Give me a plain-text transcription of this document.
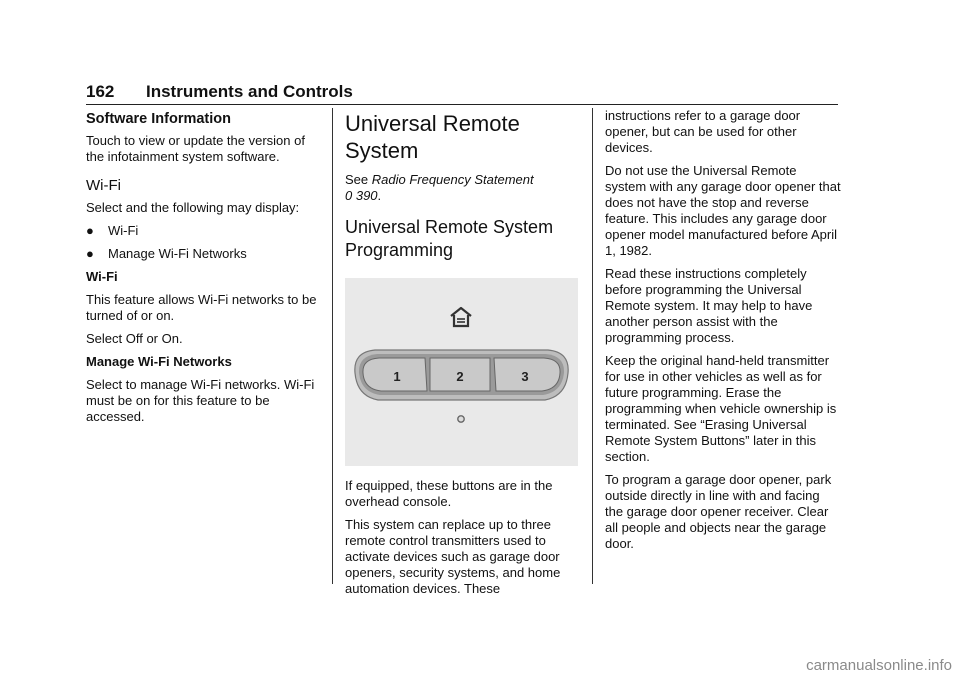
162 Instruments and Controls
Software Information

Touch to view or update the version of the infotainment system software.

Wi-Fi

Select and the following may display:

●	Wi-Fi
●	Manage Wi-Fi Networks

Wi-Fi

This feature allows Wi-Fi networks to be turned of or on.

Select Off or On.

Manage Wi-Fi Networks

Select to manage Wi-Fi networks. Wi-Fi must be on for this feature to be accessed.

Universal Remote System

See Radio Frequency Statement
0 390.

Universal Remote System Programming
1	2	3

If equipped, these buttons are in the overhead console.

This system can replace up to three remote control transmitters used to activate devices such as garage door openers, security systems, and home automation devices. These

instructions refer to a garage door opener, but can be used for other devices.

Do not use the Universal Remote system with any garage door opener that does not have the stop and reverse feature. This includes any garage door opener model manufactured before April 1, 1982.

Read these instructions completely before programming the Universal Remote system. It may help to have another person assist with the programming process.

Keep the original hand-held transmitter for use in other vehicles as well as for future programming. Erase the programming when vehicle ownership is terminated. See “Erasing Universal Remote System Buttons” later in this section.

To program a garage door opener, park outside directly in line with and facing the garage door opener receiver. Clear all people and objects near the garage door.

carmanualsonline.info
